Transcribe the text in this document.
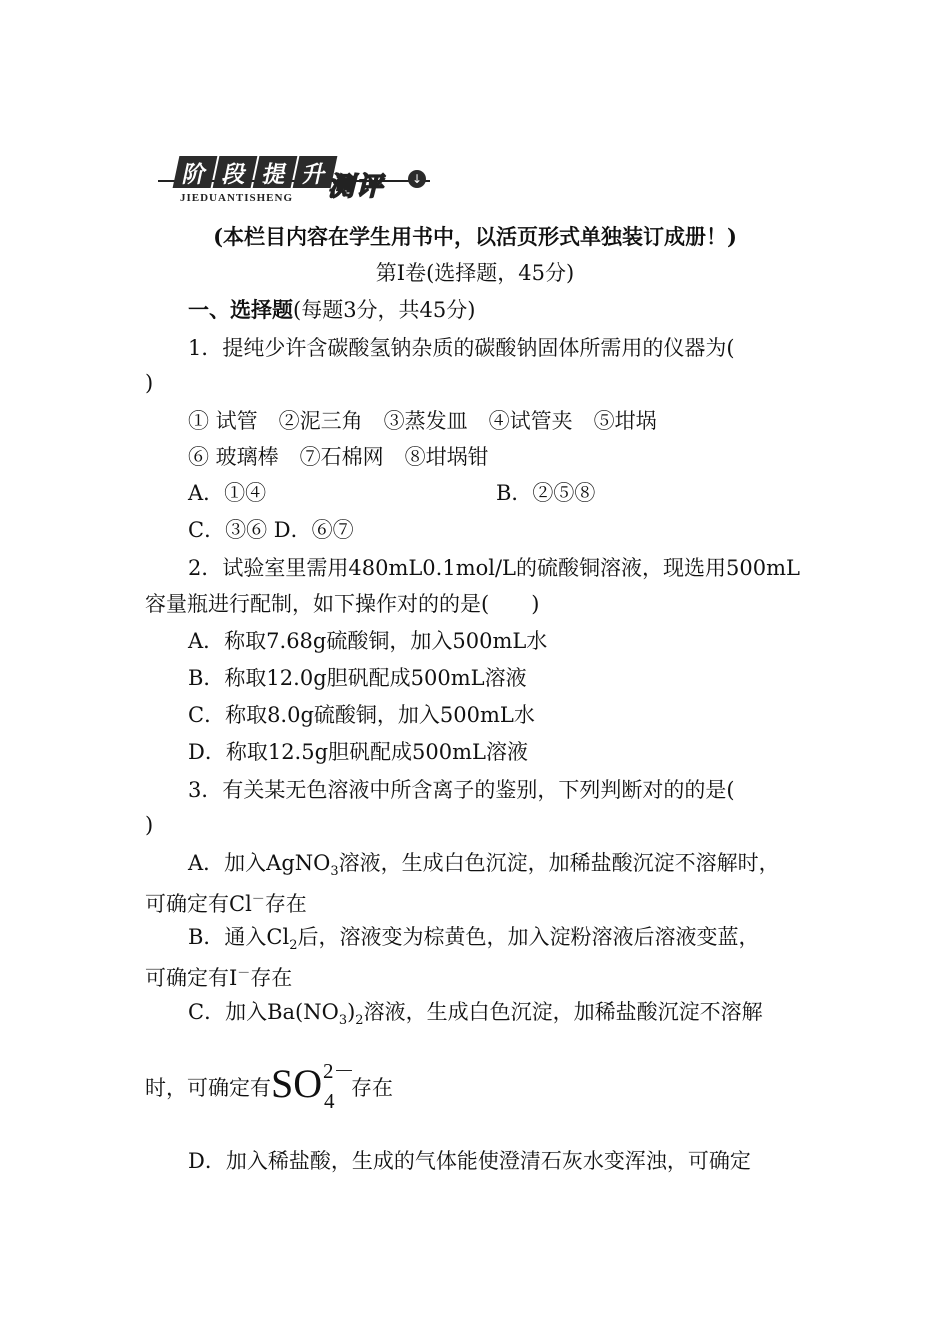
阶 段 提 升
JIEDUANTISHENG 测评	↓
(本栏目内容在学生用书中，以活页形式单独装订成册！)
第Ⅰ卷(选择题，45分)
一、选择题(每题3分，共45分)
1．提纯少许含碳酸氢钠杂质的碳酸钠固体所需用的仪器为(
)
① 试管　②泥三角　③蒸发皿　④试管夹　⑤坩埚
⑥ 玻璃棒　⑦石棉网　⑧坩埚钳
A．①④	B．②⑤⑧
C．③⑥ D．⑥⑦
2．试验室里需用480mL0.1mol/L的硫酸铜溶液，现选用500mL
容量瓶进行配制，如下操作对的的是(　　)
A．称取7.68g硫酸铜，加入500mL水
B．称取12.0g胆矾配成500mL溶液
C．称取8.0g硫酸铜，加入500mL水
D．称取12.5g胆矾配成500mL溶液
3．有关某无色溶液中所含离子的鉴别，下列判断对的的是(
)
A．加入AgNO$_3$溶液，生成白色沉淀，加稀盐酸沉淀不溶解时，
可确定有Cl－存在
B．通入$Cl_2$后，溶液变为棕黄色，加入淀粉溶液后溶液变蓝，
可确定有I－存在
C．加入$Ba(NO_3)_2$溶液，生成白色沉淀，加稀盐酸沉淀不溶解
时，可确定有 SO 2－
4
存在
D．加入稀盐酸，生成的气体能使澄清石灰水变浑浊，可确定
